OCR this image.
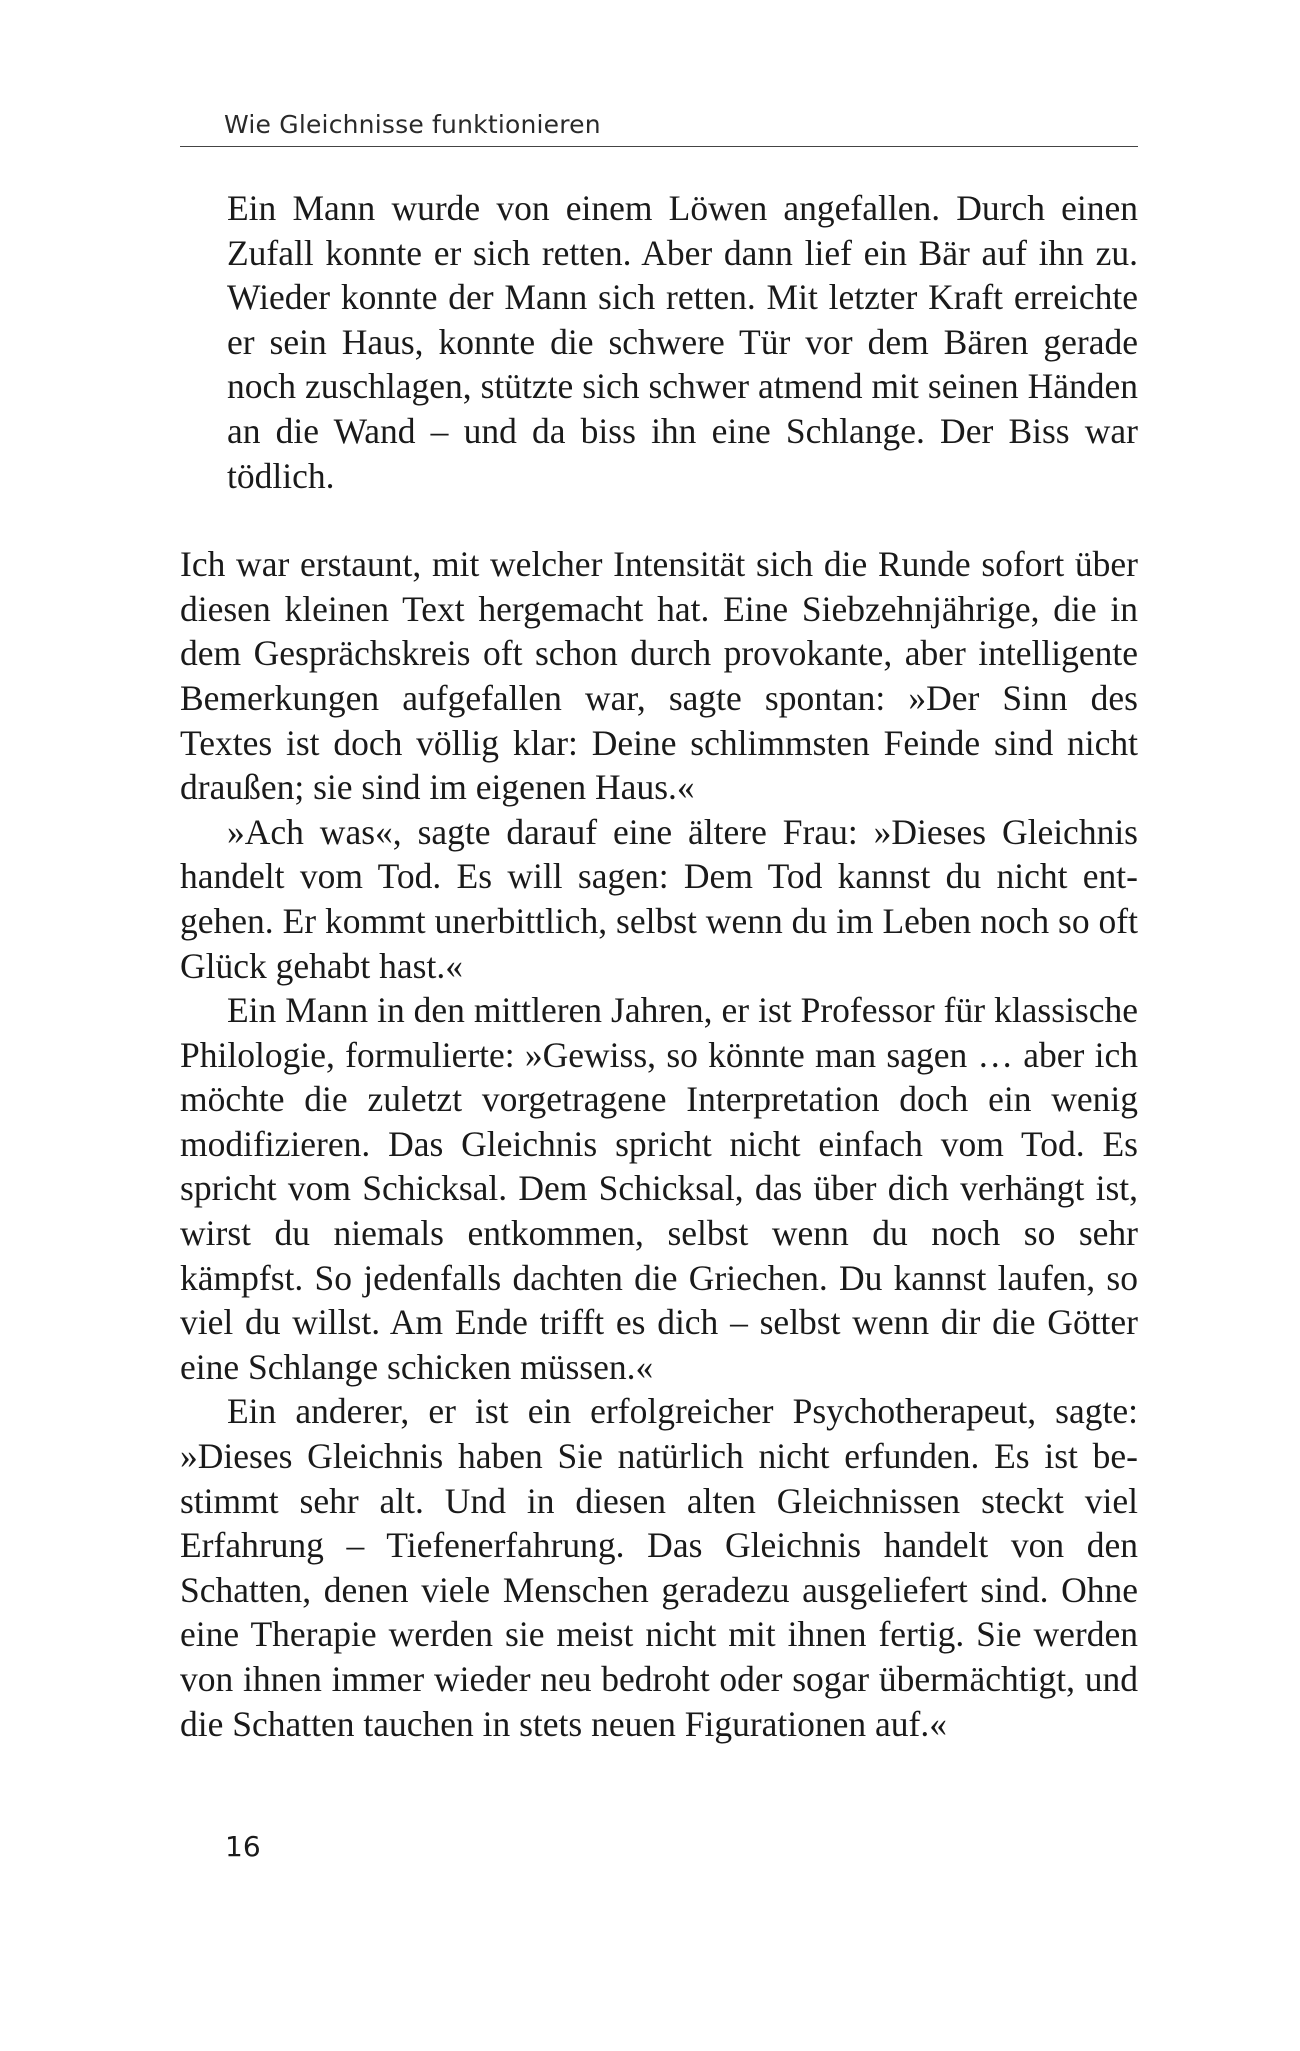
Wie Gleichnisse funktionieren

Ein Mann wurde von einem Löwen angefallen. Durch einen Zufall konnte er sich retten. Aber dann lief ein Bär auf ihn zu. Wieder konnte der Mann sich retten. Mit letzter Kraft erreichte er sein Haus, konnte die schwere Tür vor dem Bären gerade noch zuschlagen, stützte sich schwer atmend mit seinen Händen an die Wand – und da biss ihn eine Schlange. Der Biss war tödlich.

Ich war erstaunt, mit welcher Intensität sich die Runde sofort über diesen kleinen Text hergemacht hat. Eine Siebzehnjährige, die in dem Gesprächskreis oft schon durch provokante, aber intelligente Bemerkungen aufgefallen war, sagte spontan: »Der Sinn des Textes ist doch völlig klar: Deine schlimmsten Feinde sind nicht draußen; sie sind im eigenen Haus.«

»Ach was«, sagte darauf eine ältere Frau: »Dieses Gleichnis handelt vom Tod. Es will sagen: Dem Tod kannst du nicht entgehen. Er kommt unerbittlich, selbst wenn du im Leben noch so oft Glück gehabt hast.«

Ein Mann in den mittleren Jahren, er ist Professor für klassische Philologie, formulierte: »Gewiss, so könnte man sagen … aber ich möchte die zuletzt vorgetragene Interpretation doch ein wenig modifizieren. Das Gleichnis spricht nicht einfach vom Tod. Es spricht vom Schicksal. Dem Schicksal, das über dich verhängt ist, wirst du niemals entkommen, selbst wenn du noch so sehr kämpfst. So jedenfalls dachten die Griechen. Du kannst laufen, so viel du willst. Am Ende trifft es dich – selbst wenn dir die Götter eine Schlange schicken müssen.«

Ein anderer, er ist ein erfolgreicher Psychotherapeut, sagte: »Dieses Gleichnis haben Sie natürlich nicht erfunden. Es ist bestimmt sehr alt. Und in diesen alten Gleichnissen steckt viel Erfahrung – Tiefenerfahrung. Das Gleichnis handelt von den Schatten, denen viele Menschen geradezu ausgeliefert sind. Ohne eine Therapie werden sie meist nicht mit ihnen fertig. Sie werden von ihnen immer wieder neu bedroht oder sogar übermächtigt, und die Schatten tauchen in stets neuen Figurationen auf.«

16
